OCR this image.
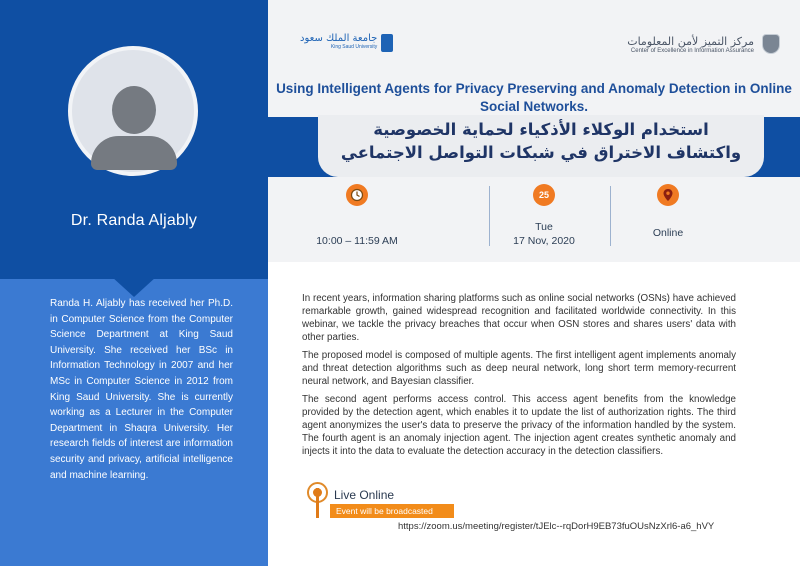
Dr. Randa Aljably
Randa H. Aljably has received her Ph.D. in Computer Science from the Computer Science Department at King Saud University. She received her BSc in Information Technology in 2007 and her MSc in Computer Science in 2012 from King Saud University. She is currently working as a Lecturer in the Computer Department in Shaqra University. Her research fields of interest are information security and privacy, artificial intelligence and machine learning.
جامعة الملك سعود
King Saud University	مركز التميز لأمن المعلومات
Center of Excellence in Information Assurance
Using Intelligent Agents for Privacy Preserving and Anomaly Detection in Online Social Networks.
استخدام الوكلاء الأذكياء لحماية الخصوصية
واكتشاف الاختراق في شبكات التواصل الاجتماعي
10:00 – 11:59 AM
25
Tue
17 Nov, 2020
Online

In recent years, information sharing platforms such as online social networks (OSNs) have achieved remarkable growth, gained widespread recognition and facilitated worldwide connectivity. In this webinar, we tackle the privacy breaches that occur when OSN stores and shares users' data with other parties.

The proposed model is composed of multiple agents. The first intelligent agent implements anomaly and threat detection algorithms such as deep neural network, long short term memory-recurrent neural network, and Bayesian classifier.

The second agent performs access control. This access agent benefits from the knowledge provided by the detection agent, which enables it to update the list of authorization rights. The third agent anonymizes the user's data to preserve the privacy of the information handled by the system. The fourth agent is an anomaly injection agent. The injection agent creates synthetic anomaly and injects it into the data to evaluate the detection accuracy in the detection classifiers.

Live Online
Event will be broadcasted
https://zoom.us/meeting/register/tJElc--rqDorH9EB73fuOUsNzXrl6-a6_hVY
